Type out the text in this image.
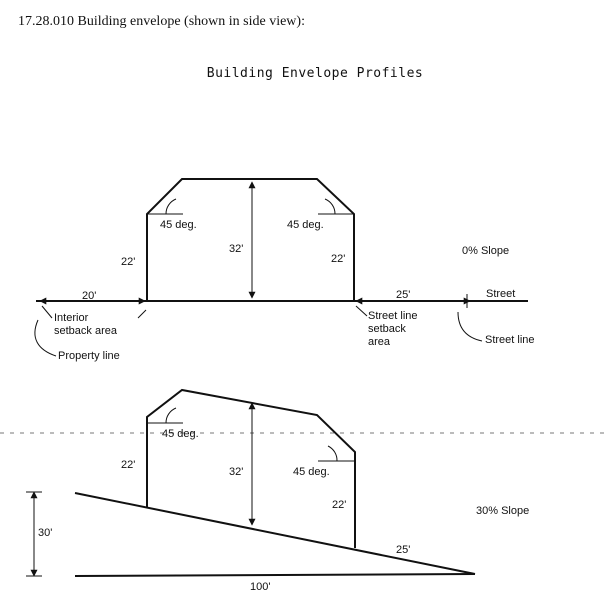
17.28.010 Building envelope (shown in side view):
Building Envelope Profiles
45 deg.	45 deg.
22'	22'
32'
20'	25'
0% Slope
Street
Interior
setback area
Property line
Street line
setback
area	Street line
45 deg.
45 deg.
22'
22'
32'
25'
30% Slope
30'
100'
